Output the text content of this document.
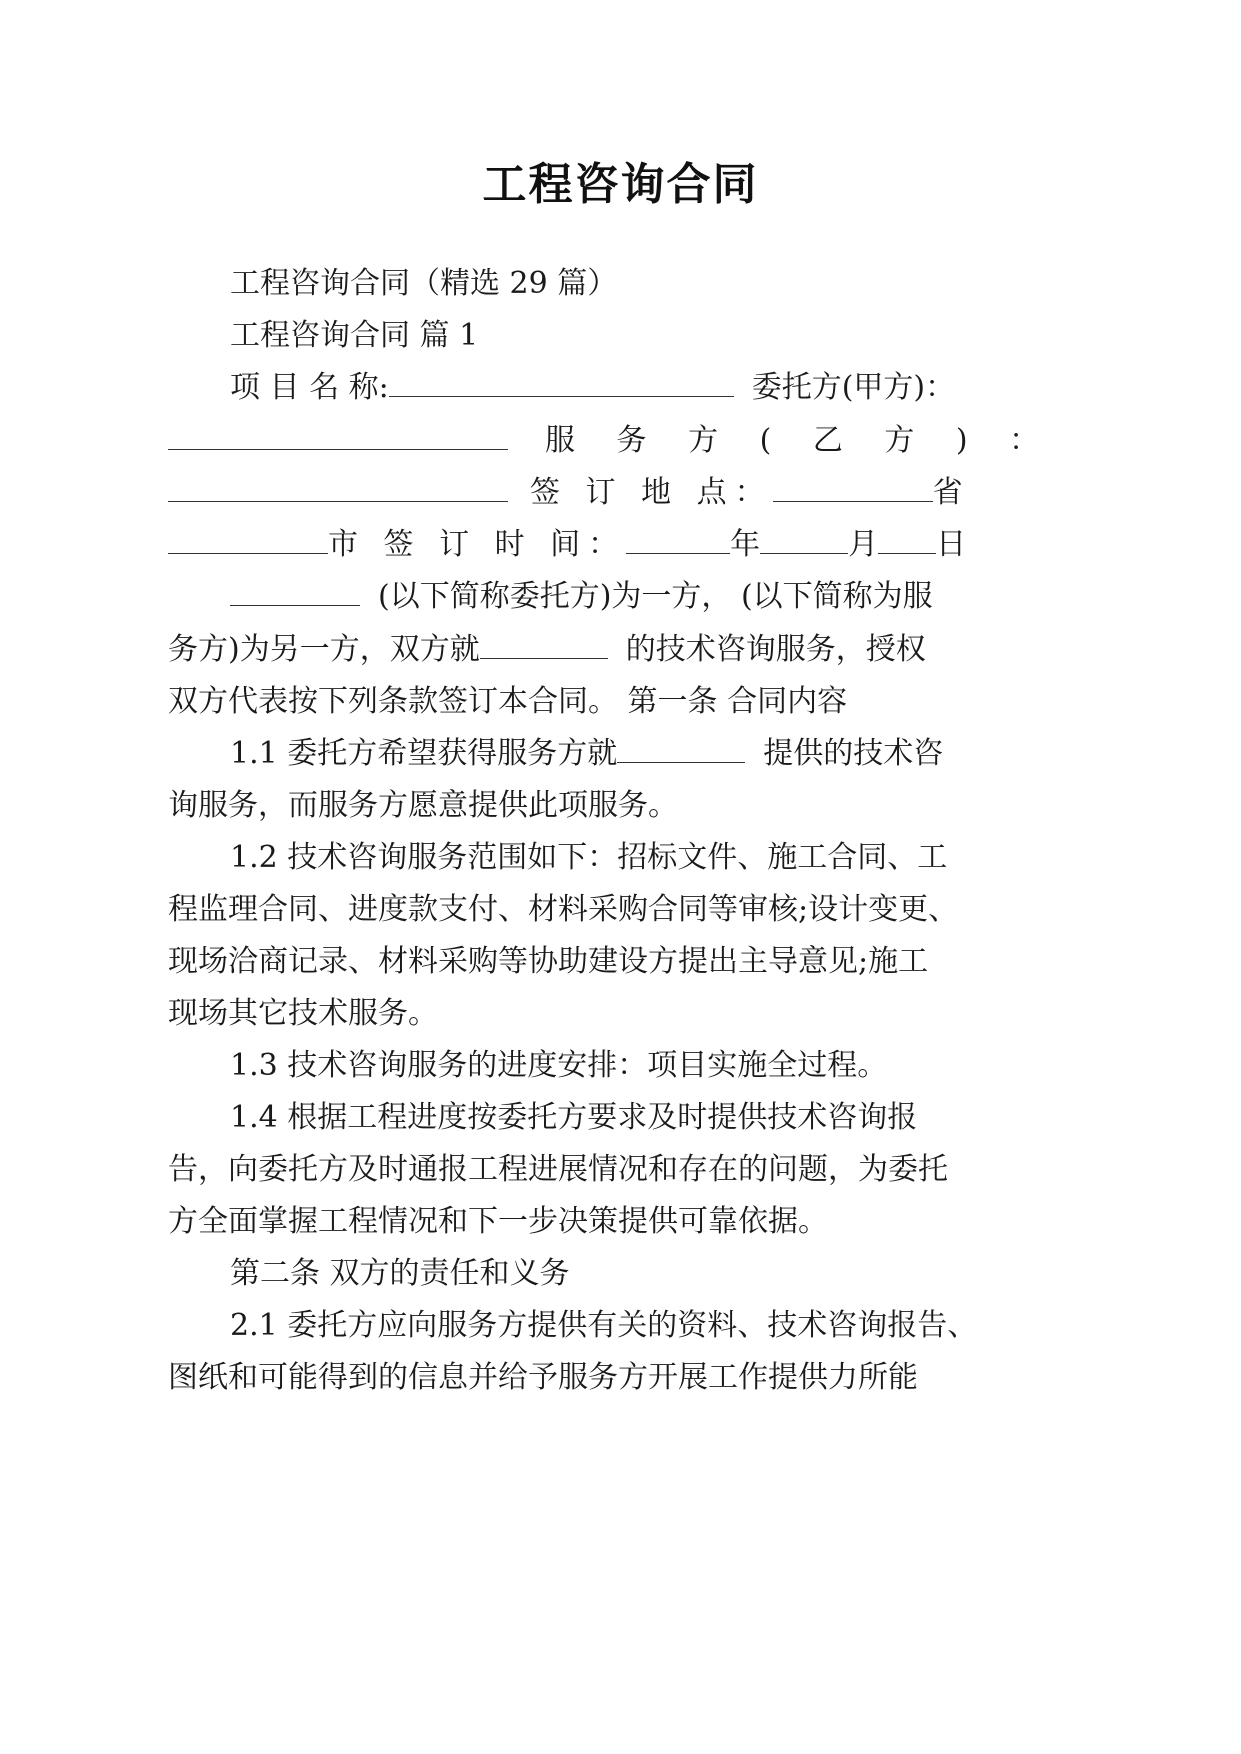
工程咨询合同
工程咨询合同（精选 29 篇）
工程咨询合同 篇 1
项 目 名 称:	委托方(甲方)：
服 务 方 ( 乙 方 ) ：
签 订 地 点：	省
市 签 订 时 间：	年	月 日
(以下简称委托方)为一方， (以下简称为服
务方)为另一方，双方就	的技术咨询服务，授权
双方代表按下列条款签订本合同。 第一条 合同内容
1.1 委托方希望获得服务方就	提供的技术咨
询服务，而服务方愿意提供此项服务。
1.2 技术咨询服务范围如下：招标文件、施工合同、工
程监理合同、进度款支付、材料采购合同等审核;设计变更、
现场洽商记录、材料采购等协助建设方提出主导意见;施工
现场其它技术服务。
1.3 技术咨询服务的进度安排：项目实施全过程。
1.4 根据工程进度按委托方要求及时提供技术咨询报
告，向委托方及时通报工程进展情况和存在的问题，为委托
方全面掌握工程情况和下一步决策提供可靠依据。
第二条 双方的责任和义务
2.1 委托方应向服务方提供有关的资料、技术咨询报告、
图纸和可能得到的信息并给予服务方开展工作提供力所能
